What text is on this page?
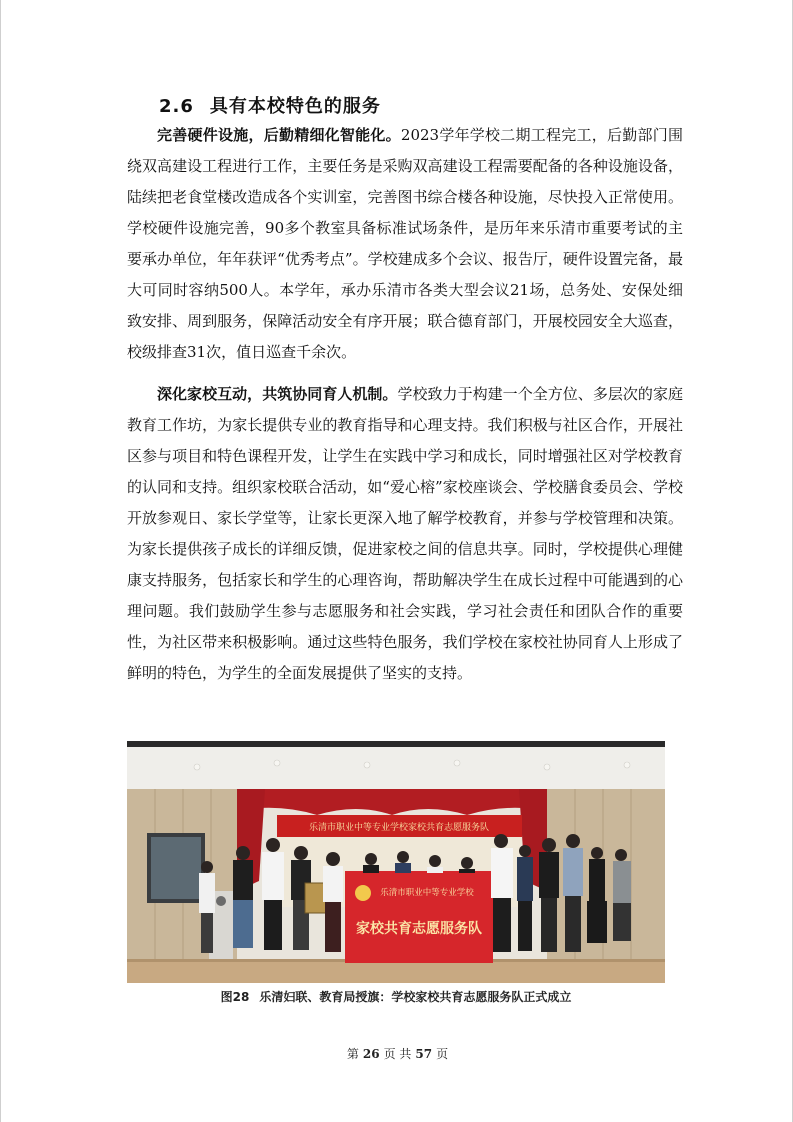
2.6 具有本校特色的服务

完善硬件设施，后勤精细化智能化。2023学年学校二期工程完工，后勤部门围绕双高建设工程进行工作，主要任务是采购双高建设工程需要配备的各种设施设备，陆续把老食堂楼改造成各个实训室，完善图书综合楼各种设施，尽快投入正常使用。学校硬件设施完善，90多个教室具备标准试场条件，是历年来乐清市重要考试的主要承办单位，年年获评“优秀考点”。学校建成多个会议、报告厅，硬件设置完备，最大可同时容纳500人。本学年，承办乐清市各类大型会议21场，总务处、安保处细致安排、周到服务，保障活动安全有序开展；联合德育部门，开展校园安全大巡查，校级排查31次，值日巡查千余次。

深化家校互动，共筑协同育人机制。学校致力于构建一个全方位、多层次的家庭教育工作坊，为家长提供专业的教育指导和心理支持。我们积极与社区合作，开展社区参与项目和特色课程开发，让学生在实践中学习和成长，同时增强社区对学校教育的认同和支持。组织家校联合活动，如“爱心榕”家校座谈会、学校膳食委员会、学校开放参观日、家长学堂等，让家长更深入地了解学校教育，并参与学校管理和决策。为家长提供孩子成长的详细反馈，促进家校之间的信息共享。同时，学校提供心理健康支持服务，包括家长和学生的心理咨询，帮助解决学生在成长过程中可能遇到的心理问题。我们鼓励学生参与志愿服务和社会实践，学习社会责任和团队合作的重要性，为社区带来积极影响。通过这些特色服务，我们学校在家校社协同育人上形成了鲜明的特色，为学生的全面发展提供了坚实的支持。

乐清市职业中等专业学校家校共育志愿服务队
乐清市职业中等专业学校
家校共育志愿服务队
图28 乐清妇联、教育局授旗：学校家校共育志愿服务队正式成立
第 26 页 共 57 页
